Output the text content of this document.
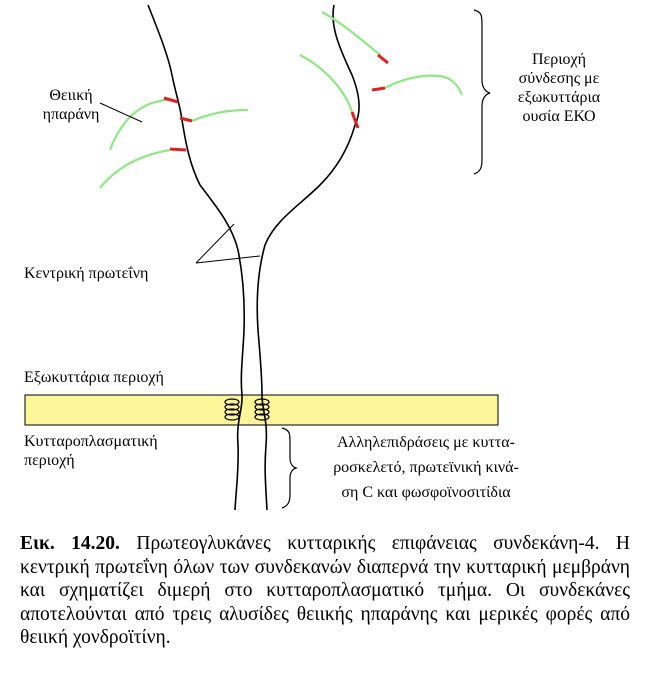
Θειική
ηπαράνη
Περιοχή
σύνδεσης με
εξωκυττάρια
ουσία ΕΚΟ
Κεντρική πρωτεΐνη
Εξωκυττάρια περιοχή
Κυτταροπλασματική
περιοχή
Αλληλεπιδράσεις με κυττα-
ροσκελετό, πρωτεϊνική κινά-
ση C και φωσφοϊνοσιτίδια

Εικ. 14.20. Πρωτεογλυκάνες κυτταρικής επιφάνειας συνδεκάνη-4. Η κεντρική πρωτεΐνη όλων των συνδεκανών διαπερνά την κυτταρική μεμβράνη και σχηματίζει διμερή στο κυτταροπλασματικό τμήμα. Οι συνδεκάνες αποτελούνται από τρεις αλυσίδες θειικής ηπαράνης και μερικές φορές από θειική χονδροϊτίνη.
